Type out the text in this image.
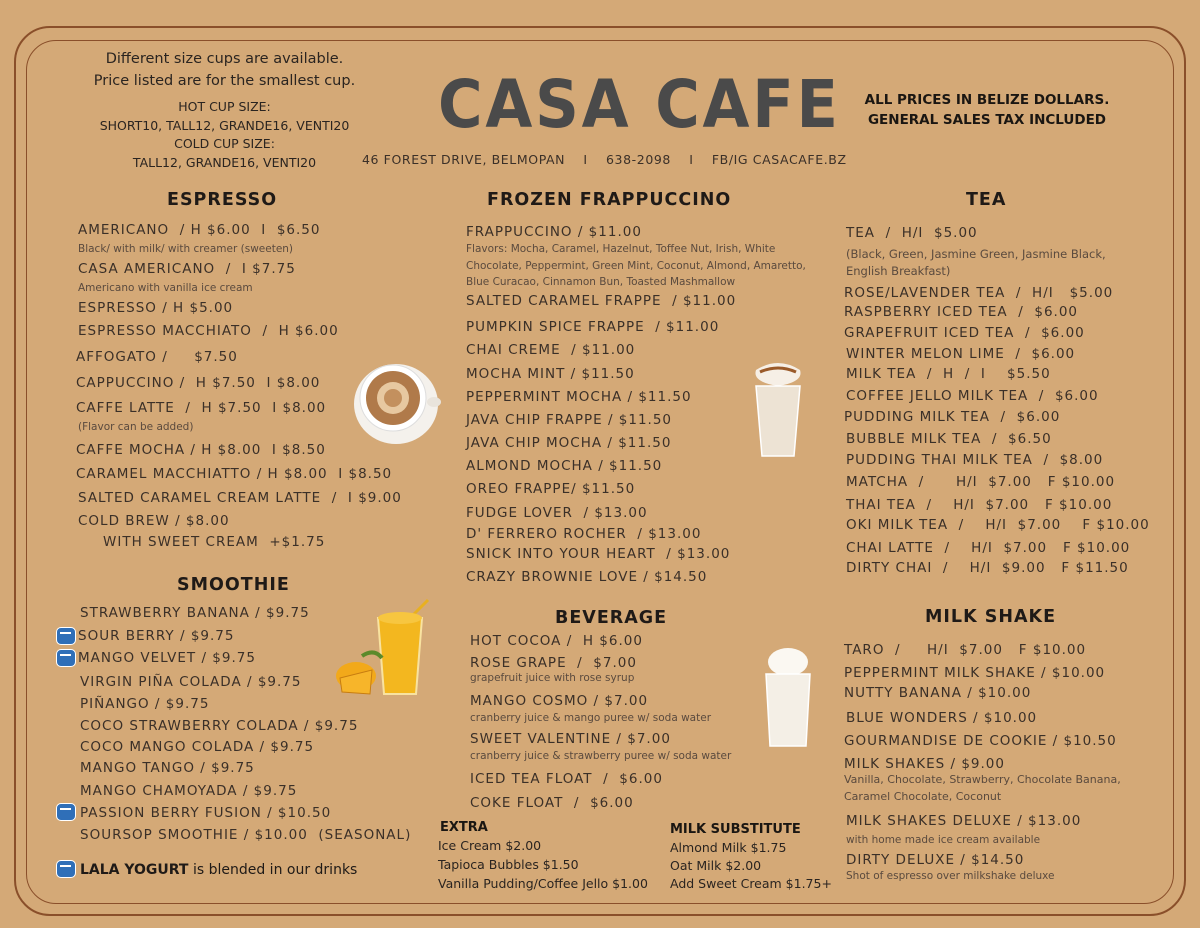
Different size cups are available.
Price listed are for the smallest cup.
HOT CUP SIZE:
SHORT10, TALL12, GRANDE16, VENTI20
COLD CUP SIZE:
TALL12, GRANDE16, VENTI20
CASA CAFE
46 FOREST DRIVE, BELMOPAN    I    638-2098    I    FB/IG CASACAFE.BZ
ALL PRICES IN BELIZE DOLLARS.
GENERAL SALES TAX INCLUDED
ESPRESSO
AMERICANO  / H $6.00  I  $6.50
Black/ with milk/ with creamer (sweeten)
CASA AMERICANO  /  I $7.75
Americano with vanilla ice cream
ESPRESSO / H $5.00
ESPRESSO MACCHIATO  /  H $6.00
AFFOGATO /     $7.50
CAPPUCCINO /  H $7.50  I $8.00
CAFFE LATTE  /  H $7.50  I $8.00
(Flavor can be added)
CAFFE MOCHA / H $8.00  I $8.50
CARAMEL MACCHIATTO / H $8.00  I $8.50
SALTED CARAMEL CREAM LATTE  /  I $9.00
COLD BREW / $8.00
WITH SWEET CREAM  +$1.75
SMOOTHIE
STRAWBERRY BANANA / $9.75
SOUR BERRY / $9.75
MANGO VELVET / $9.75
VIRGIN PIÑA COLADA / $9.75
PIÑANGO / $9.75
COCO STRAWBERRY COLADA / $9.75
COCO MANGO COLADA / $9.75
MANGO TANGO / $9.75
MANGO CHAMOYADA / $9.75
PASSION BERRY FUSION / $10.50
SOURSOP SMOOTHIE / $10.00  (SEASONAL)
LALA YOGURT is blended in our drinks
FROZEN FRAPPUCCINO
FRAPPUCCINO / $11.00
Flavors: Mocha, Caramel, Hazelnut, Toffee Nut, Irish, White Chocolate, Peppermint, Green Mint, Coconut, Almond, Amaretto, Blue Curacao, Cinnamon Bun, Toasted Mashmallow
SALTED CARAMEL FRAPPE  / $11.00
PUMPKIN SPICE FRAPPE  / $11.00
CHAI CREME  / $11.00
MOCHA MINT / $11.50
PEPPERMINT MOCHA / $11.50
JAVA CHIP FRAPPE / $11.50
JAVA CHIP MOCHA / $11.50
ALMOND MOCHA / $11.50
OREO FRAPPE/ $11.50
FUDGE LOVER  / $13.00
D' FERRERO ROCHER  / $13.00
SNICK INTO YOUR HEART  / $13.00
CRAZY BROWNIE LOVE / $14.50
BEVERAGE
HOT COCOA /  H $6.00
ROSE GRAPE  /  $7.00
grapefruit juice with rose syrup
MANGO COSMO / $7.00
cranberry juice & mango puree w/ soda water
SWEET VALENTINE / $7.00
cranberry juice & strawberry puree w/ soda water
ICED TEA FLOAT  /  $6.00
COKE FLOAT  /  $6.00
EXTRA
Ice Cream $2.00
Tapioca Bubbles $1.50
Vanilla Pudding/Coffee Jello $1.00
MILK SUBSTITUTE
Almond Milk $1.75
Oat Milk $2.00
Add Sweet Cream $1.75+
TEA
TEA  /  H/I  $5.00
(Black, Green, Jasmine Green, Jasmine Black, English Breakfast)
ROSE/LAVENDER TEA  /  H/I   $5.00
RASPBERRY ICED TEA  /  $6.00
GRAPEFRUIT ICED TEA  /  $6.00
WINTER MELON LIME  /  $6.00
MILK TEA  /  H  /  I    $5.50
COFFEE JELLO MILK TEA  /  $6.00
PUDDING MILK TEA  /  $6.00
BUBBLE MILK TEA  /  $6.50
PUDDING THAI MILK TEA  /  $8.00
MATCHA  /      H/I  $7.00   F $10.00
THAI TEA  /    H/I  $7.00   F $10.00
OKI MILK TEA  /    H/I  $7.00    F $10.00
CHAI LATTE  /    H/I  $7.00   F $10.00
DIRTY CHAI  /    H/I  $9.00   F $11.50
MILK SHAKE
TARO  /     H/I  $7.00   F $10.00
PEPPERMINT MILK SHAKE / $10.00
NUTTY BANANA / $10.00
BLUE WONDERS / $10.00
GOURMANDISE DE COOKIE / $10.50
MILK SHAKES / $9.00
Vanilla, Chocolate, Strawberry, Chocolate Banana, Caramel Chocolate, Coconut
MILK SHAKES DELUXE / $13.00
with home made ice cream available
DIRTY DELUXE / $14.50
Shot of espresso over milkshake deluxe
